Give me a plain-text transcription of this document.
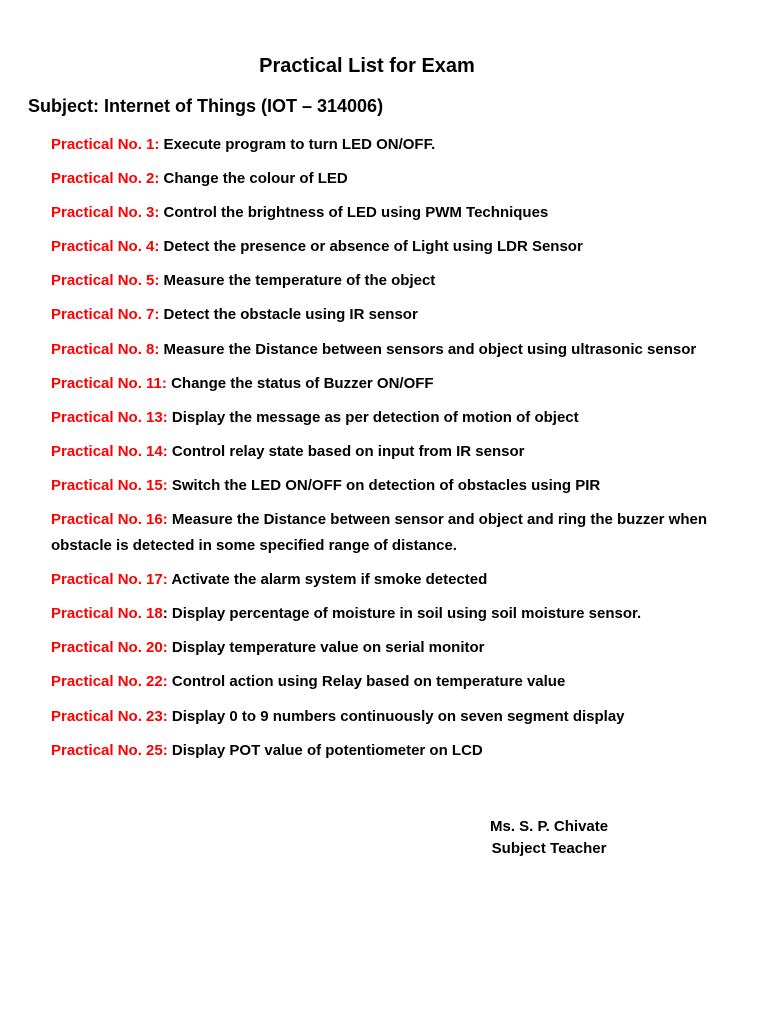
Practical List for Exam
Subject: Internet of Things (IOT – 314006)
Practical No. 1: Execute program to turn LED ON/OFF.
Practical No. 2: Change the colour of LED
Practical No. 3: Control the brightness of LED using PWM Techniques
Practical No. 4: Detect the presence or absence of Light using LDR Sensor
Practical No. 5: Measure the temperature of the object
Practical No. 7: Detect the obstacle using IR sensor
Practical No. 8: Measure the Distance between sensors and object using ultrasonic sensor
Practical No. 11: Change the status of Buzzer ON/OFF
Practical No. 13: Display the message as per detection of motion of object
Practical No. 14: Control relay state based on input from IR sensor
Practical No. 15: Switch the LED ON/OFF on detection of obstacles using PIR
Practical No. 16: Measure the Distance between sensor and object and ring the buzzer when obstacle is detected in some specified range of distance.
Practical No. 17: Activate the alarm system if smoke detected
Practical No. 18: Display percentage of moisture in soil using soil moisture sensor.
Practical No. 20: Display temperature value on serial monitor
Practical No. 22: Control action using Relay based on temperature value
Practical No. 23: Display 0 to 9 numbers continuously on seven segment display
Practical No. 25: Display POT value of potentiometer on LCD
Ms. S. P. Chivate
Subject Teacher
